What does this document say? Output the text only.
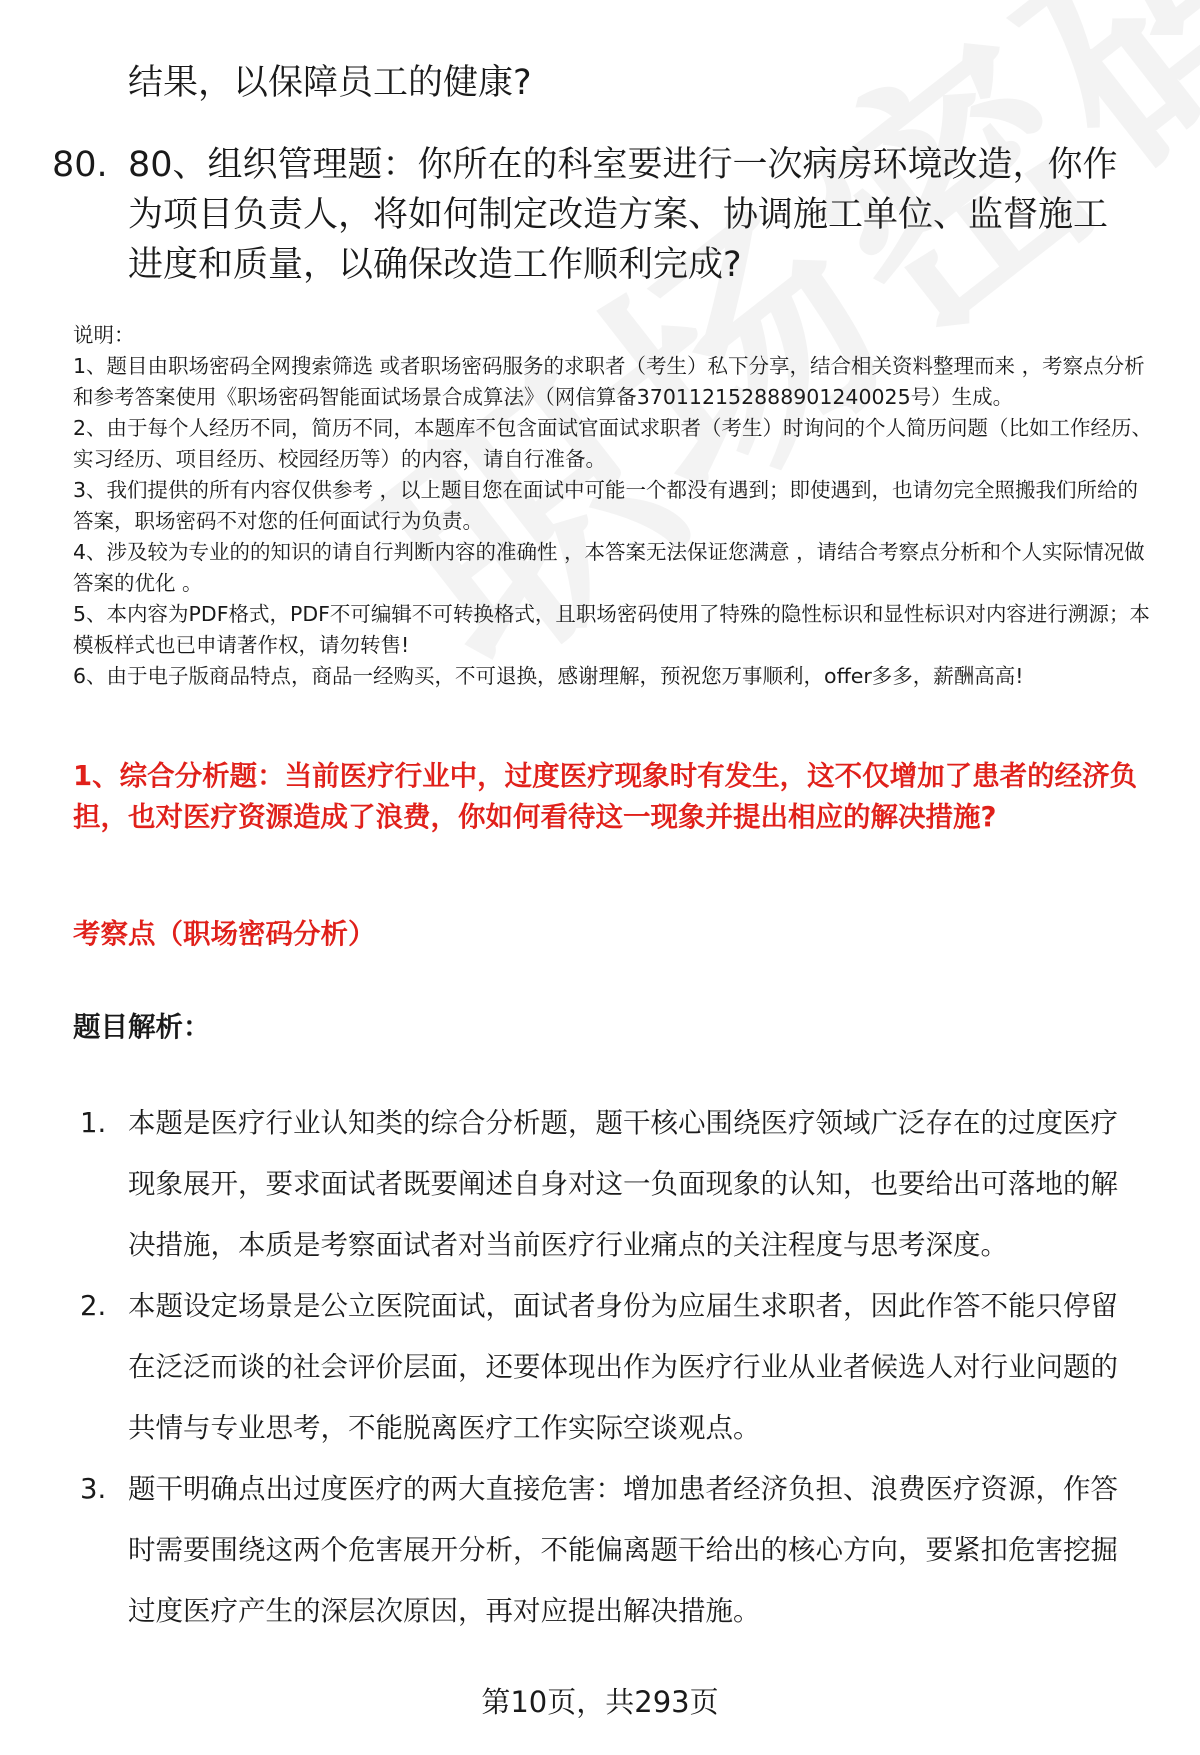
结果，以保障员工的健康?

80. 80、组织管理题：你所在的科室要进行一次病房环境改造，你作为项目负责人，将如何制定改造方案、协调施工单位、监督施工进度和质量，以确保改造工作顺利完成?

说明：

1、题目由职场密码全网搜索筛选 或者职场密码服务的求职者（考生）私下分享，结合相关资料整理而来 ，考察点分析和参考答案使用《职场密码智能面试场景合成算法》（网信算备370112152888901240025号）生成。

2、由于每个人经历不同，简历不同，本题库不包含面试官面试求职者（考生）时询问的个人简历问题（比如工作经历、实习经历、项目经历、校园经历等）的内容，请自行准备。

3、我们提供的所有内容仅供参考 ，以上题目您在面试中可能一个都没有遇到；即使遇到，也请勿完全照搬我们所给的答案，职场密码不对您的任何面试行为负责。

4、涉及较为专业的的知识的请自行判断内容的准确性 ，本答案无法保证您满意 ，请结合考察点分析和个人实际情况做答案的优化 。

5、本内容为PDF格式，PDF不可编辑不可转换格式，且职场密码使用了特殊的隐性标识和显性标识对内容进行溯源；本模板样式也已申请著作权，请勿转售!

6、由于电子版商品特点，商品一经购买，不可退换，感谢理解，预祝您万事顺利，offer多多，薪酬高高!

1、综合分析题：当前医疗行业中，过度医疗现象时有发生，这不仅增加了患者的经济负担，也对医疗资源造成了浪费，你如何看待这一现象并提出相应的解决措施?

考察点（职场密码分析）

题目解析：

1. 本题是医疗行业认知类的综合分析题，题干核心围绕医疗领域广泛存在的过度医疗现象展开，要求面试者既要阐述自身对这一负面现象的认知，也要给出可落地的解决措施，本质是考察面试者对当前医疗行业痛点的关注程度与思考深度。
2. 本题设定场景是公立医院面试，面试者身份为应届生求职者，因此作答不能只停留在泛泛而谈的社会评价层面，还要体现出作为医疗行业从业者候选人对行业问题的共情与专业思考，不能脱离医疗工作实际空谈观点。
3. 题干明确点出过度医疗的两大直接危害：增加患者经济负担、浪费医疗资源，作答时需要围绕这两个危害展开分析，不能偏离题干给出的核心方向，要紧扣危害挖掘过度医疗产生的深层次原因，再对应提出解决措施。

第10页，共293页
